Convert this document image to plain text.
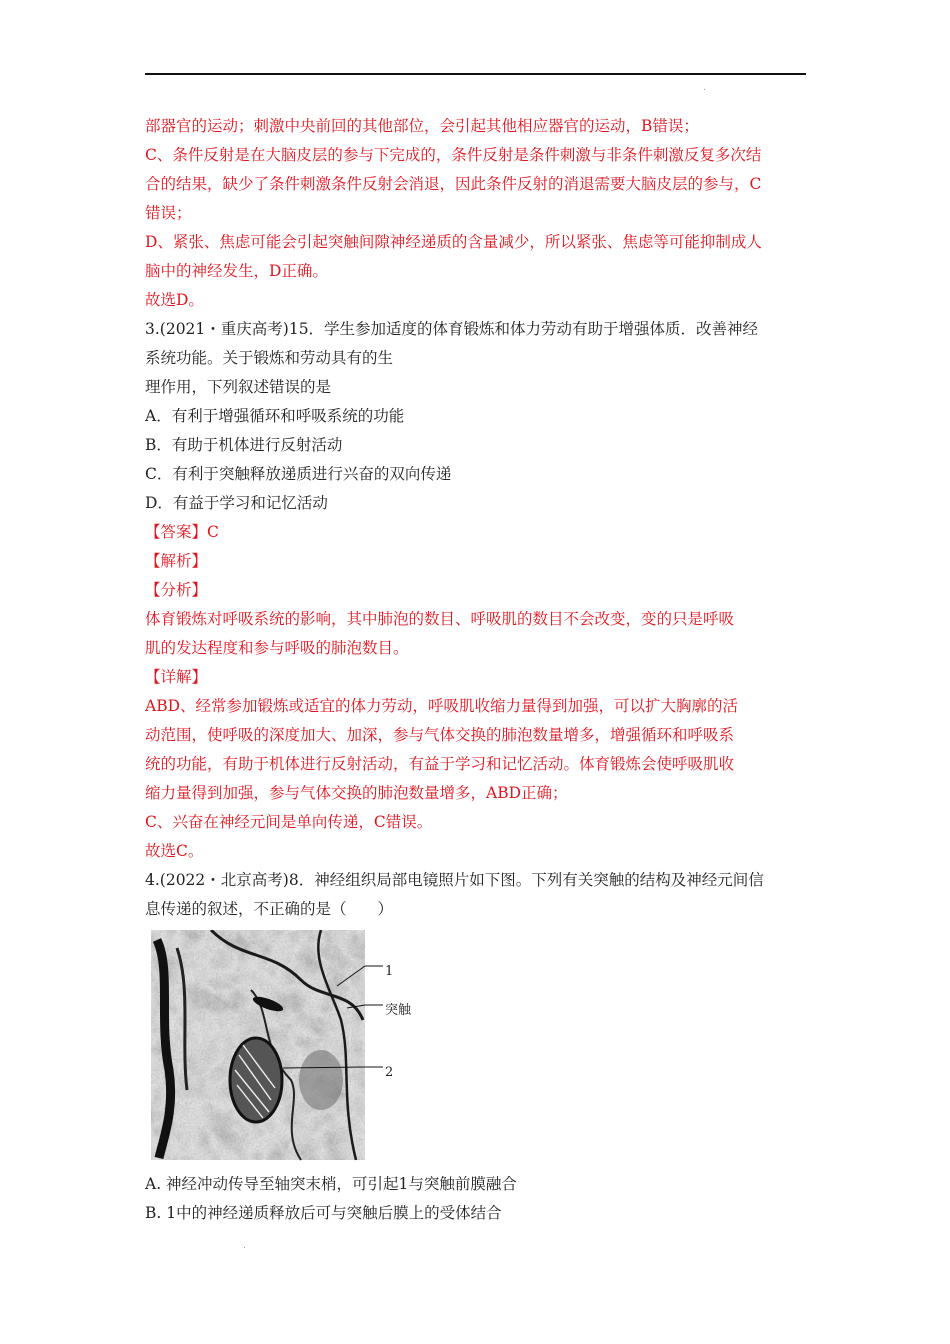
.
.
部器官的运动；刺激中央前回的其他部位，会引起其他相应器官的运动，B错误；
C、条件反射是在大脑皮层的参与下完成的，条件反射是条件刺激与非条件刺激反复多次结
合的结果，缺少了条件刺激条件反射会消退，因此条件反射的消退需要大脑皮层的参与，C
错误；
D、紧张、焦虑可能会引起突触间隙神经递质的含量减少，所以紧张、焦虑等可能抑制成人
脑中的神经发生，D正确。
故选D。
3.(2021・重庆高考)15．学生参加适度的体育锻炼和体力劳动有助于增强体质．改善神经
系统功能。关于锻炼和劳动具有的生
理作用，下列叙述错误的是
A．有利于增强循环和呼吸系统的功能
B．有助于机体进行反射活动
C．有利于突触释放递质进行兴奋的双向传递
D．有益于学习和记忆活动
【答案】C
【解析】
【分析】
体育锻炼对呼吸系统的影响，其中肺泡的数目、呼吸肌的数目不会改变，变的只是呼吸
肌的发达程度和参与呼吸的肺泡数目。
【详解】
ABD、经常参加锻炼或适宜的体力劳动，呼吸肌收缩力量得到加强，可以扩大胸廓的活
动范围，使呼吸的深度加大、加深，参与气体交换的肺泡数量增多，增强循环和呼吸系
统的功能，有助于机体进行反射活动，有益于学习和记忆活动。体育锻炼会使呼吸肌收
缩力量得到加强，参与气体交换的肺泡数量增多，ABD正确；
C、兴奋在神经元间是单向传递，C错误。
故选C。
4.(2022・北京高考)8．神经组织局部电镜照片如下图。下列有关突触的结构及神经元间信
息传递的叙述，不正确的是（　　）
1
突触
2
A. 神经冲动传导至轴突末梢，可引起1与突触前膜融合
B. 1中的神经递质释放后可与突触后膜上的受体结合
